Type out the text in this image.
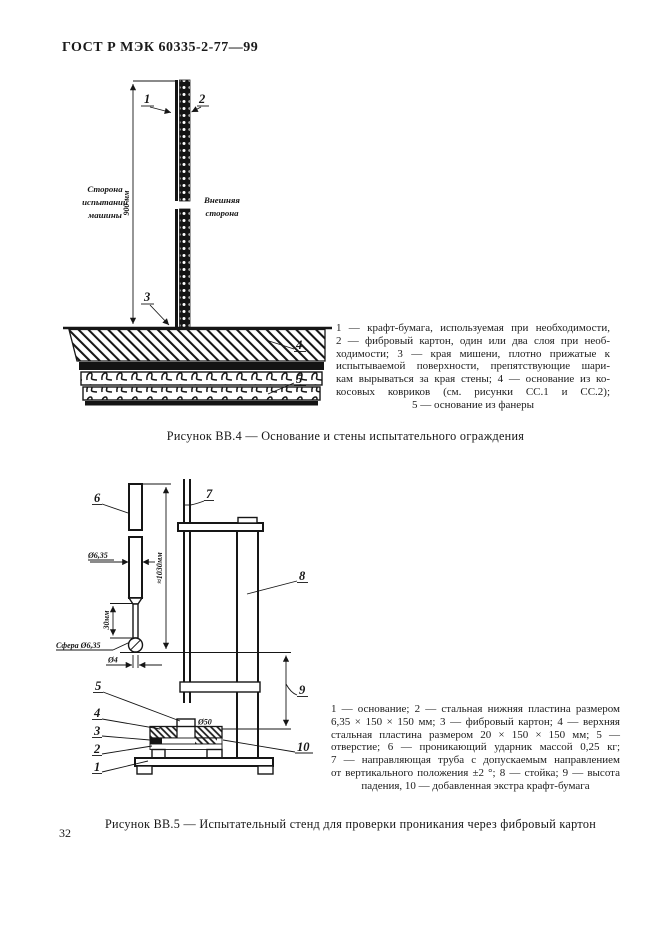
ГОСТ Р МЭК 60335-2-77—99
900 мм
Сторона
испытаний
машины
Внешняя
сторона
1	2
3
4
5
1 — крафт-бумага, используемая при необходимости,
2 — фибровый картон, один или два слоя при необ-
ходимости; 3 — края мишени, плотно прижатые к
испытываемой поверхности, препятствующие шари-
кам вырываться за края стены; 4 — основание из ко-
косовых ковриков (см. рисунки СС.1 и СС.2);
5 — основание из фанеры
Рисунок ВВ.4 — Основание и стены испытательного ограждения
Ø6,35	≈1030мм
30мм
Сфера Ø6,35
Ø4
Ø50
9
6	7
8
10
5
4
3
2
1
1 — основание; 2 — стальная нижняя пластина размером
6,35 × 150 × 150 мм; 3 — фибровый картон; 4 — верхняя
стальная пластина размером 20 × 150 × 150 мм; 5 —
отверстие; 6 — проникающий ударник массой 0,25 кг;
7 — направляющая труба с допускаемым направлением
от вертикального положения ±2 °; 8 — стойка; 9 — высота
падения, 10 — добавленная экстра крафт-бумага
Рисунок ВВ.5 — Испытательный стенд для проверки проникания через фибровый картон
32
